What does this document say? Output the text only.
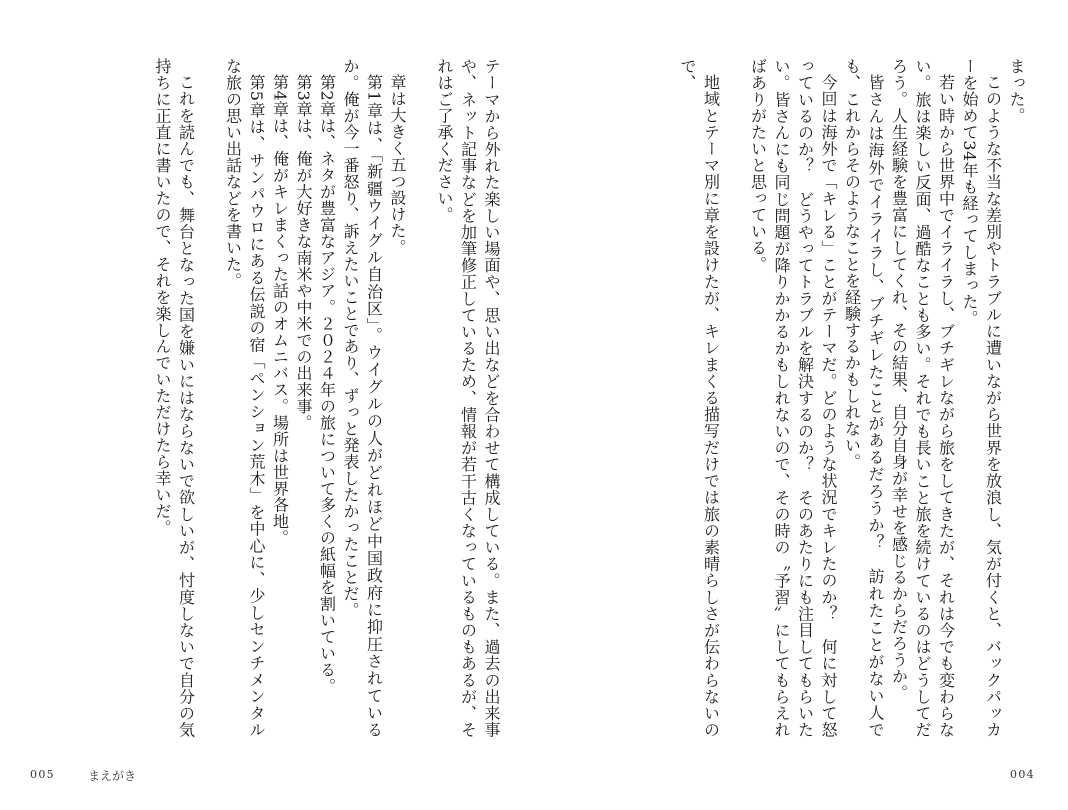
テーマから外れた楽しい場面や、思い出などを合わせて構成している。また、過去の出来事や、ネット記事などを加筆修正しているため、情報が若干古くなっているものもあるが、それはご了承ください。

章は大きく五つ設けた。

第1章は、「新疆ウイグル自治区」。ウイグルの人がどれほど中国政府に抑圧されているか。俺が今一番怒り、訴えたいことであり、ずっと発表したかったことだ。

第2章は、ネタが豊富なアジア。２０２４年の旅について多くの紙幅を割いている。

第3章は、俺が大好きな南米や中米での出来事。

第4章は、俺がキレまくった話のオムニバス。場所は世界各地。

第5章は、サンパウロにある伝説の宿「ペンション荒木」を中心に、少しセンチメンタルな旅の思い出話などを書いた。

これを読んでも、舞台となった国を嫌いにはならないで欲しいが、忖度しないで自分の気持ちに正直に書いたので、それを楽しんでいただけたら幸いだ。

005	まえがき

まった。

このような不当な差別やトラブルに遭いながら世界を放浪し、気が付くと、バックパッカーを始めて34年も経ってしまった。

若い時から世界中でイライラし、ブチギレながら旅をしてきたが、それは今でも変わらない。旅は楽しい反面、過酷なことも多い。それでも長いこと旅を続けているのはどうしてだろう。人生経験を豊富にしてくれ、その結果、自分自身が幸せを感じるからだろうか。

皆さんは海外でイライラし、ブチギレたことがあるだろうか？　訪れたことがない人でも、これからそのようなことを経験するかもしれない。

今回は海外で「キレる」ことがテーマだ。どのような状況でキレたのか？　何に対して怒っているのか？　どうやってトラブルを解決するのか？　そのあたりにも注目してもらいたい。皆さんにも同じ問題が降りかかるかもしれないので、その時の〝予習〟にしてもらえればありがたいと思っている。

地域とテーマ別に章を設けたが、キレまくる描写だけでは旅の素晴らしさが伝わらないので、

004
